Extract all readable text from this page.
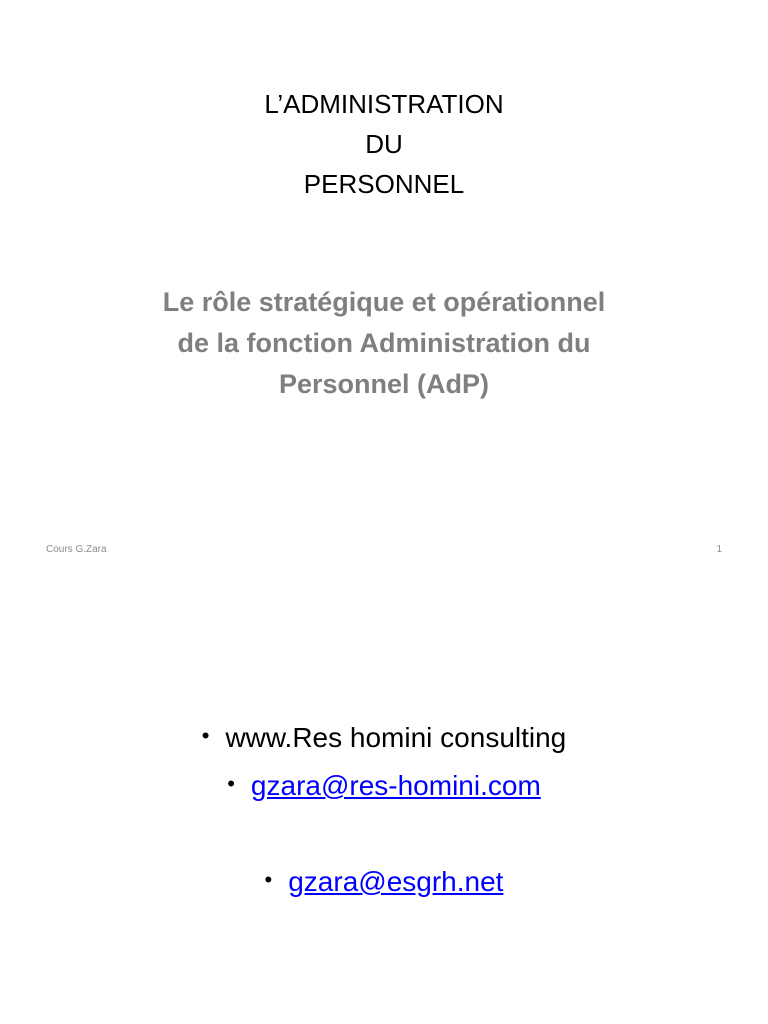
L’ADMINISTRATION
DU
PERSONNEL
Le rôle stratégique et opérationnel
de la fonction Administration du
Personnel (AdP)
Cours G.Zara	1
• www.Res homini consulting
• gzara@res-homini.com
• gzara@esgrh.net
